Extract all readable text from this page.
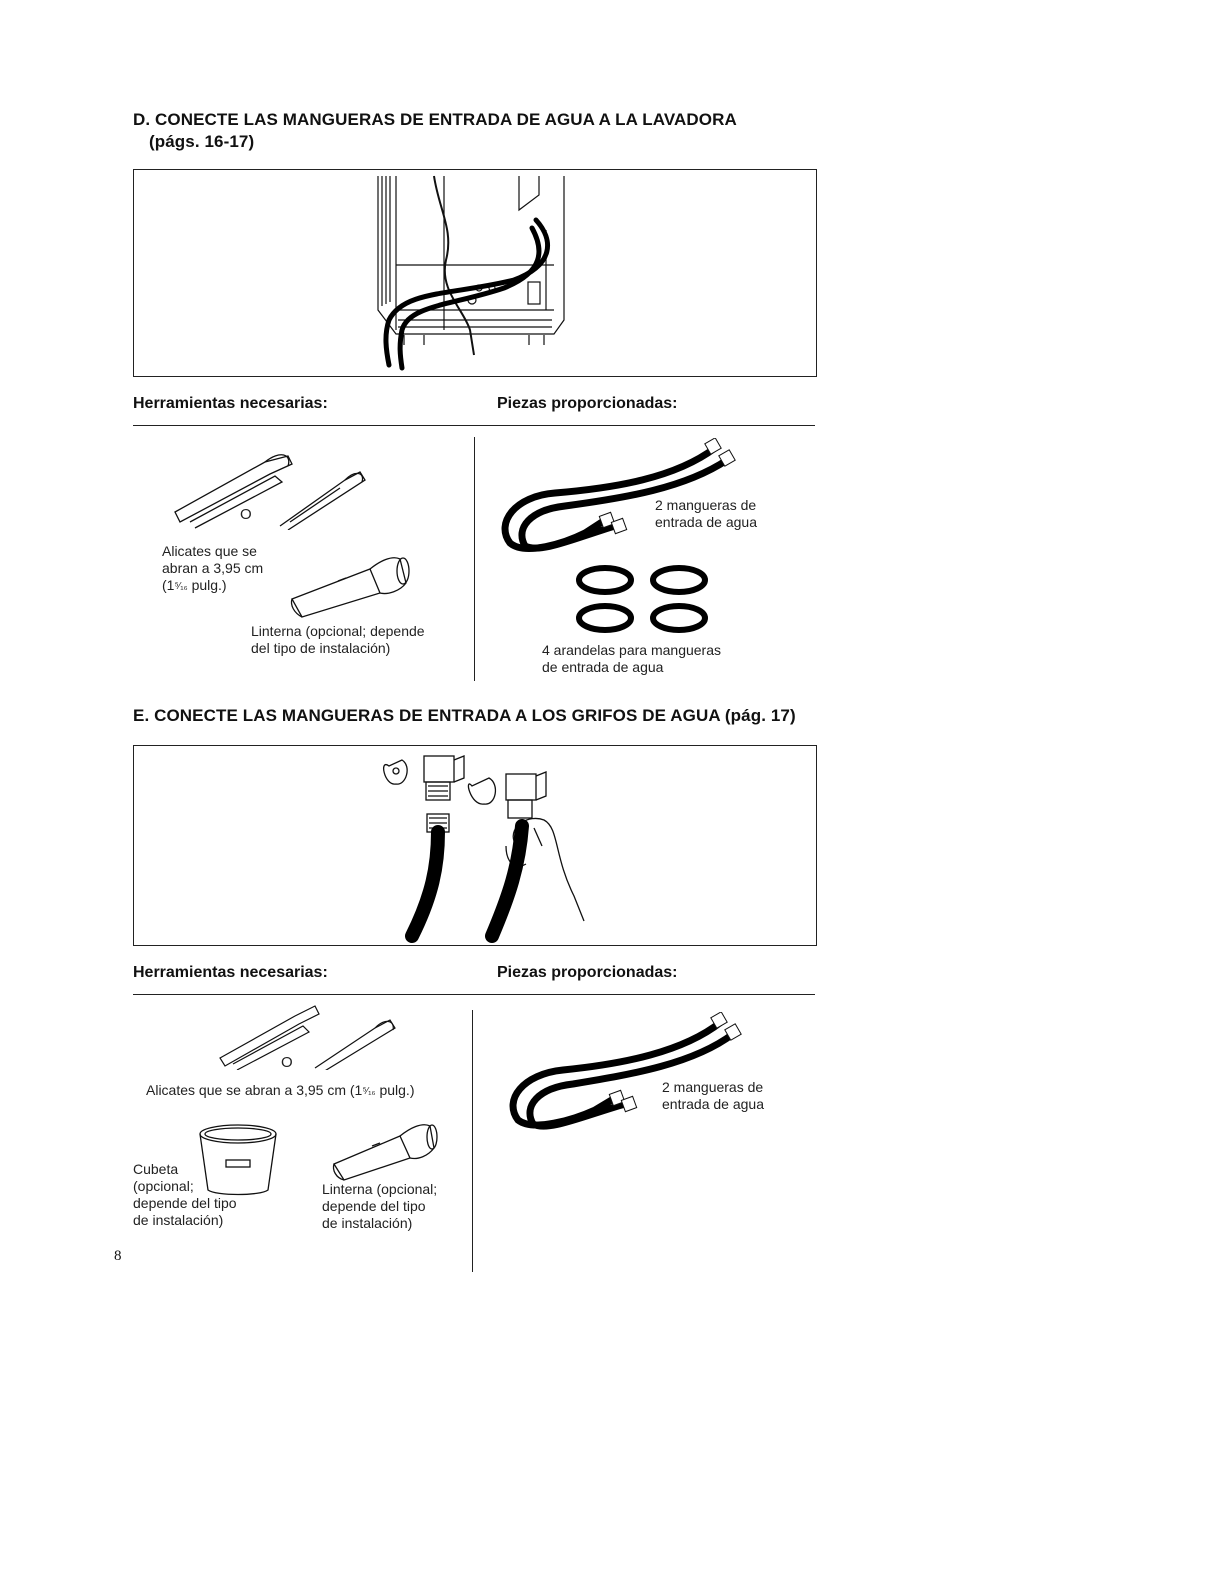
D. CONECTE LAS MANGUERAS DE ENTRADA DE AGUA A LA LAVADORA

(págs. 16-17)

Herramientas necesarias:	Piezas proporcionadas:

O
Alicates que se
abran a 3,95 cm
(1⁵⁄₁₆ pulg.)
Linterna (opcional; depende
del tipo de instalación)
2 mangueras de
entrada de agua
4 arandelas para mangueras
de entrada de agua

E. CONECTE LAS MANGUERAS DE ENTRADA A LOS GRIFOS DE AGUA (pág. 17)

Herramientas necesarias:	Piezas proporcionadas:

O
Alicates que se abran a 3,95 cm (1⁵⁄₁₆ pulg.)
Cubeta
(opcional;
depende del tipo
de instalación)
Linterna (opcional;
depende del tipo
de instalación)
2 mangueras de
entrada de agua
8
